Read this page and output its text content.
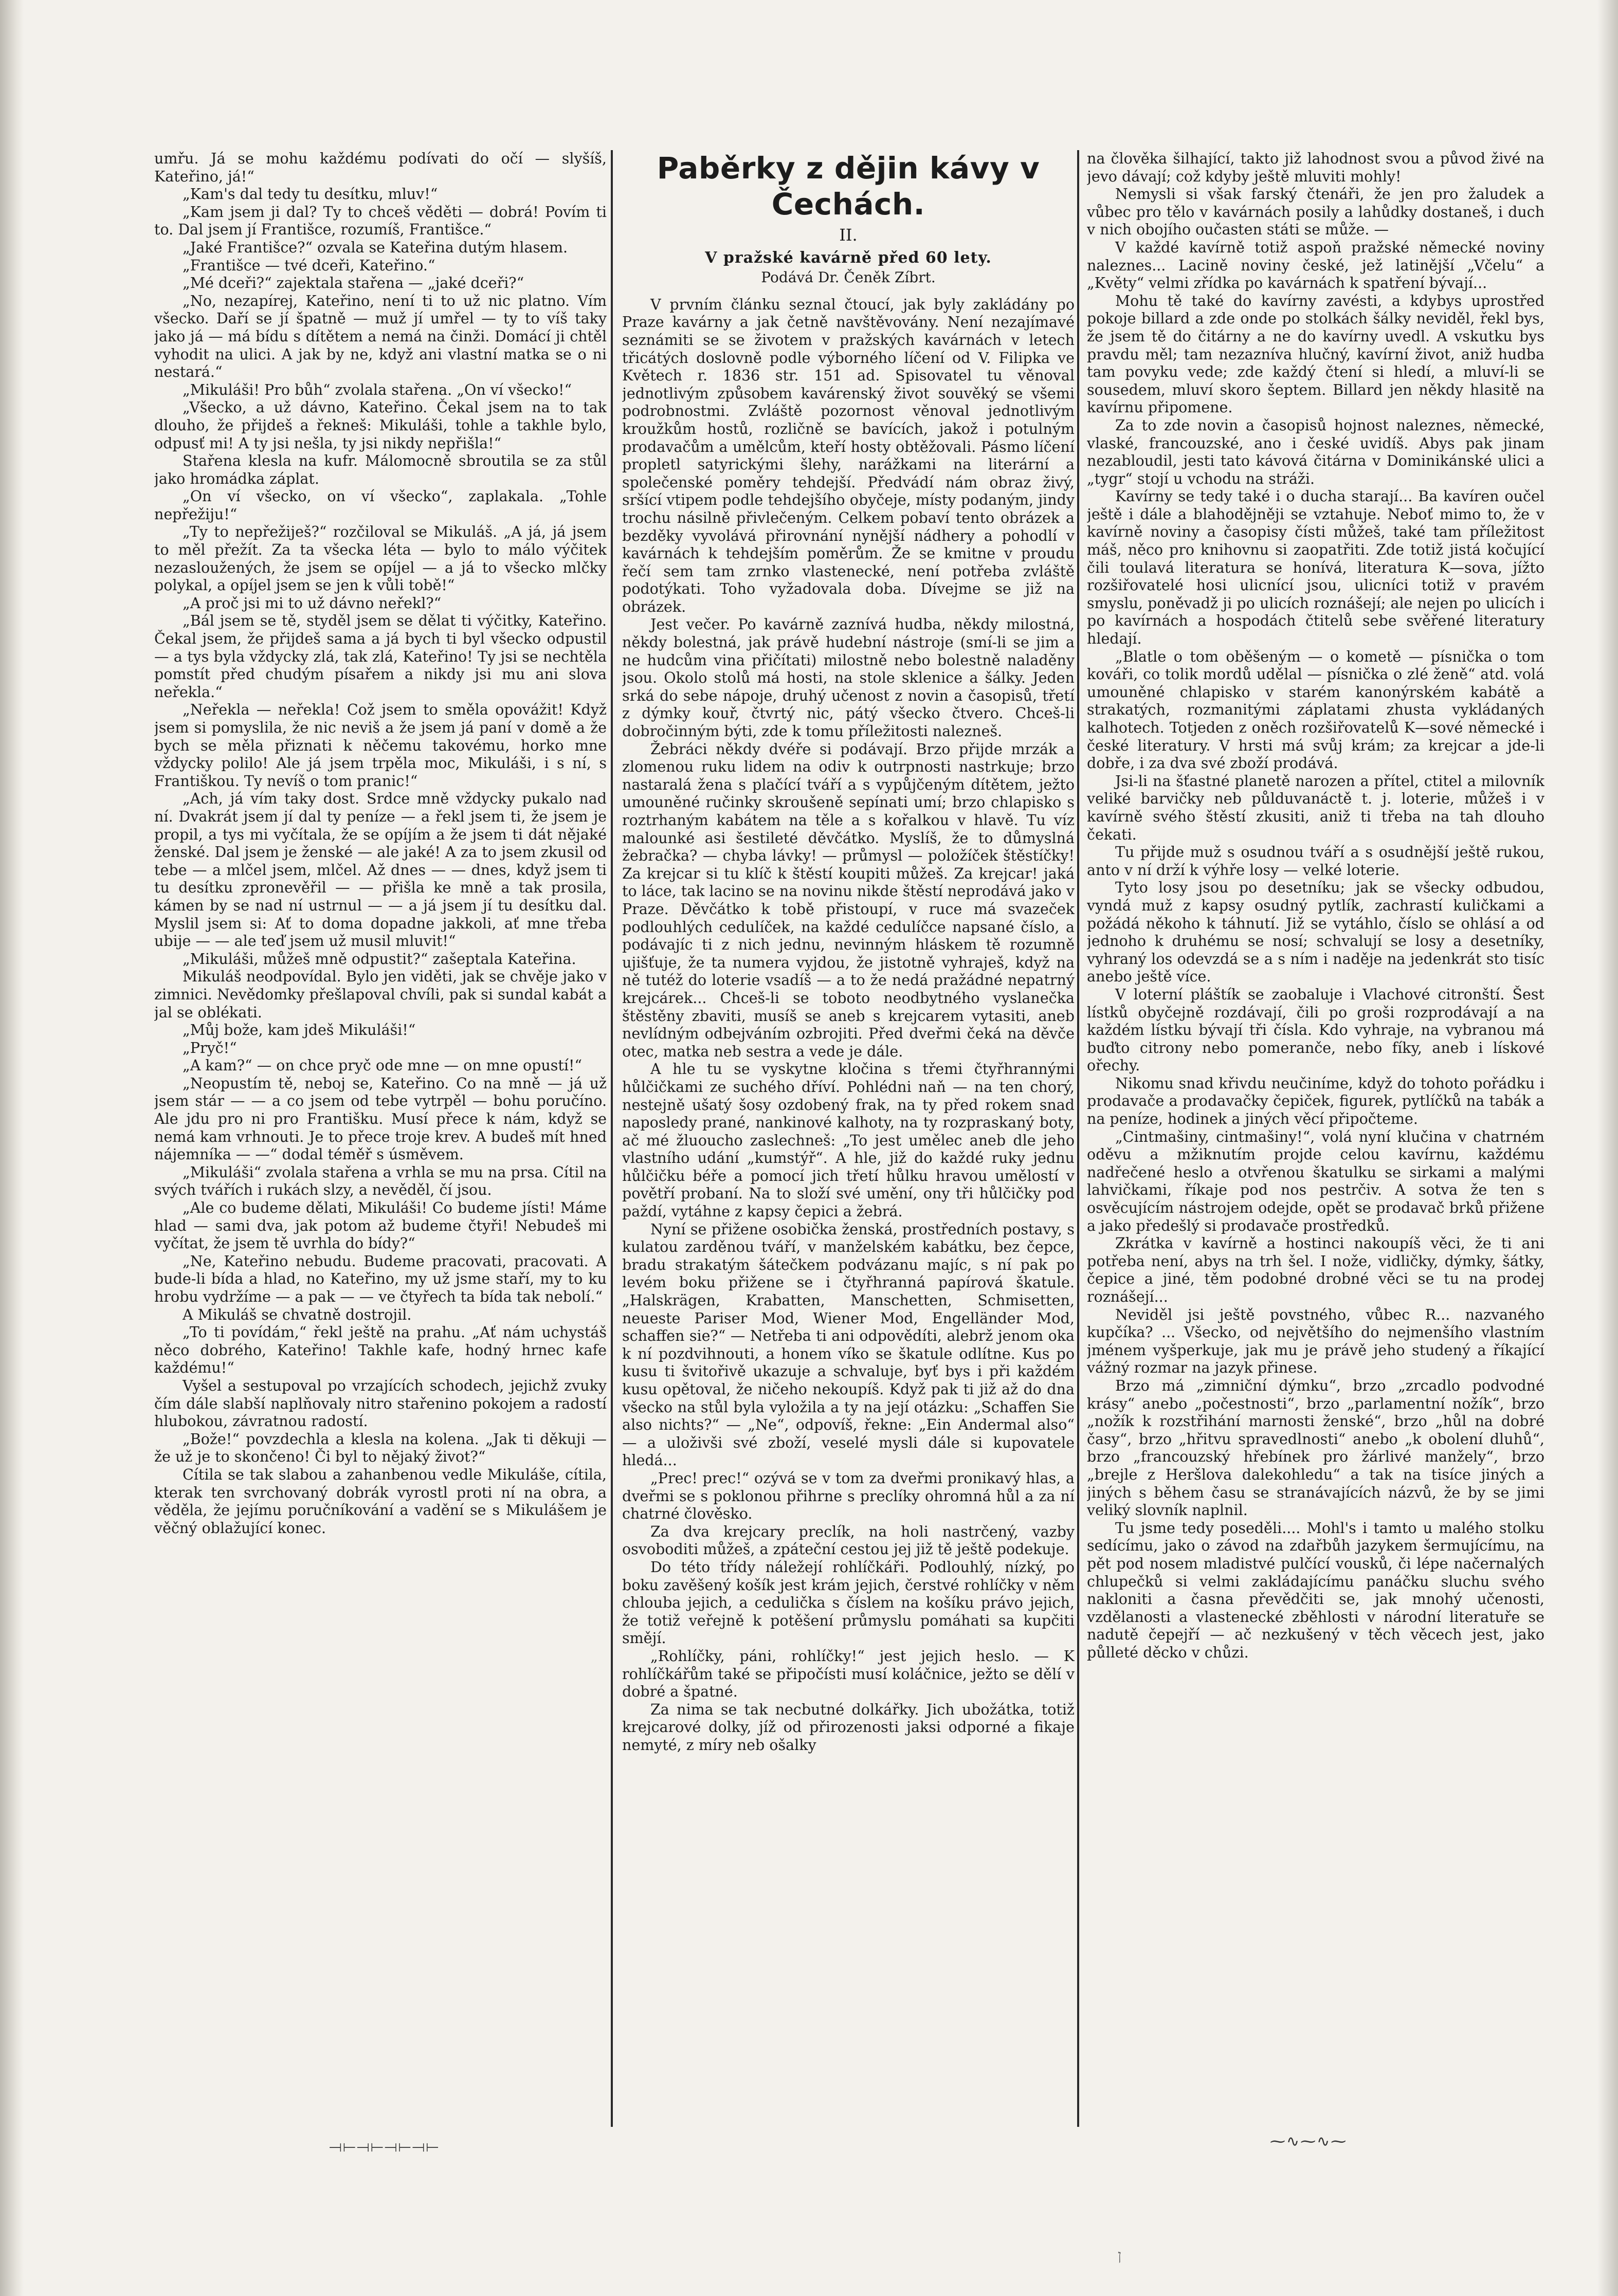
umřu. Já se mohu každému podívati do očí — slyšíš, Kateřino, já!“

„Kam's dal tedy tu desítku, mluv!“

„Kam jsem ji dal? Ty to chceš věděti — dobrá! Povím ti to. Dal jsem jí Františce, rozumíš, Františce.“

„Jaké Františce?“ ozvala se Kateřina dutým hlasem.

„Františce — tvé dceři, Kateřino.“

„Mé dceři?“ zajektala stařena — „jaké dceři?“

„No, nezapírej, Kateřino, není ti to už nic platno. Vím všecko. Daří se jí špatně — muž jí umřel — ty to víš taky jako já — má bídu s dítětem a nemá na činži. Domácí ji chtěl vyhodit na ulici. A jak by ne, když ani vlastní matka se o ni nestará.“

„Mikuláši! Pro bůh“ zvolala stařena. „On ví všecko!“

„Všecko, a už dávno, Kateřino. Čekal jsem na to tak dlouho, že přijdeš a řekneš: Mikuláši, tohle a takhle bylo, odpusť mi! A ty jsi nešla, ty jsi nikdy nepřišla!“

Stařena klesla na kufr. Málomocně sbroutila se za stůl jako hromádka záplat.

„On ví všecko, on ví všecko“, zaplakala. „Tohle nepřežiju!“

„Ty to nepřežiješ?“ rozčiloval se Mikuláš. „A já, já jsem to měl přežít. Za ta všecka léta — bylo to málo výčitek nezasloužených, že jsem se opíjel — a já to všecko mlčky polykal, a opíjel jsem se jen k vůli tobě!“

„A proč jsi mi to už dávno neřekl?“

„Bál jsem se tě, styděl jsem se dělat ti výčitky, Kateřino. Čekal jsem, že přijdeš sama a já bych ti byl všecko odpustil — a tys byla vždycky zlá, tak zlá, Kateřino! Ty jsi se nechtěla pomstít před chudým písařem a nikdy jsi mu ani slova neřekla.“

„Neřekla — neřekla! Což jsem to směla opovážit! Když jsem si pomyslila, že nic neviš a že jsem já paní v domě a že bych se měla přiznati k něčemu takovému, horko mne vždycky polilo! Ale já jsem trpěla moc, Mikuláši, i s ní, s Františkou. Ty nevíš o tom pranic!“

„Ach, já vím taky dost. Srdce mně vždycky pukalo nad ní. Dvakrát jsem jí dal ty peníze — a řekl jsem ti, že jsem je propil, a tys mi vyčítala, že se opíjím a že jsem ti dát nějaké ženské. Dal jsem je ženské — ale jaké! A za to jsem zkusil od tebe — a mlčel jsem, mlčel. Až dnes — — dnes, když jsem ti tu desítku zpronevěřil — — přišla ke mně a tak prosila, kámen by se nad ní ustrnul — — a já jsem jí tu desítku dal. Myslil jsem si: Ať to doma dopadne jakkoli, ať mne třeba ubije — — ale teď jsem už musil mluvit!“

„Mikuláši, můžeš mně odpustit?“ zašeptala Kateřina.

Mikuláš neodpovídal. Bylo jen viděti, jak se chvěje jako v zimnici. Nevědomky přešlapoval chvíli, pak si sundal kabát a jal se oblékati.

„Můj bože, kam jdeš Mikuláši!“

„Pryč!“

„A kam?“ — on chce pryč ode mne — on mne opustí!“

„Neopustím tě, neboj se, Kateřino. Co na mně — já už jsem stár — — a co jsem od tebe vytrpěl — bohu poručíno. Ale jdu pro ni pro Františku. Musí přece k nám, když se nemá kam vrhnouti. Je to přece troje krev. A budeš mít hned nájemníka — —“ dodal téměř s úsměvem.

„Mikuláši“ zvolala stařena a vrhla se mu na prsa. Cítil na svých tvářích i rukách slzy, a nevěděl, čí jsou.

„Ale co budeme dělati, Mikuláši! Co budeme jísti! Máme hlad — sami dva, jak potom až budeme čtyři! Nebudeš mi vyčítat, že jsem tě uvrhla do bídy?“

„Ne, Kateřino nebudu. Budeme pracovati, pracovati. A bude-li bída a hlad, no Kateřino, my už jsme staří, my to ku hrobu vydržíme — a pak — — ve čtyřech ta bída tak nebolí.“

A Mikuláš se chvatně dostrojil.

„To ti povídám,“ řekl ještě na prahu. „Ať nám uchystáš něco dobrého, Kateřino! Takhle kafe, hodný hrnec kafe každému!“

Vyšel a sestupoval po vrzajících schodech, jejichž zvuky čím dále slabší naplňovaly nitro stařenino pokojem a radostí hlubokou, závratnou radostí.

„Bože!“ povzdechla a klesla na kolena. „Jak ti děkuji — že už je to skončeno! Či byl to nějaký život?“

Cítila se tak slabou a zahanbenou vedle Mikuláše, cítila, kterak ten svrchovaný dobrák vyrostl proti ní na obra, a věděla, že jejímu poručníkování a vadění se s Mikulášem je věčný oblažující konec.

Paběrky z dějin kávy v Čechách.
II.
V pražské kavárně před 60 lety.
Podává Dr. Čeněk Zíbrt.

V prvním článku seznal čtoucí, jak byly zakládány po Praze kavárny a jak četně navštěvovány. Není nezajímavé seznámiti se se životem v pražských kavárnách v letech třicátých doslovně podle výborného líčení od V. Filipka ve Květech r. 1836 str. 151 ad. Spisovatel tu věnoval jednotlivým způsobem kavárenský život souvěký se všemi podrobnostmi. Zvláště pozornost věnoval jednotlivým kroužkům hostů, rozličně se bavících, jakož i potulným prodavačům a umělcům, kteří hosty obtěžovali. Pásmo líčení propletl satyrickými šlehy, narážkami na literární a společenské poměry tehdejší. Předvádí nám obraz živý, sršící vtipem podle tehdejšího obyčeje, místy podaným, jindy trochu násilně přivlečeným. Celkem pobaví tento obrázek a bezděky vyvolává přirovnání nynější nádhery a pohodlí v kavárnách k tehdejším poměrům. Že se kmitne v proudu řečí sem tam zrnko vlastenecké, není potřeba zvláště podotýkati. Toho vyžadovala doba. Dívejme se již na obrázek.

Jest večer. Po kavárně zaznívá hudba, někdy milostná, někdy bolestná, jak právě hudební nástroje (smí-li se jim a ne hudcům vina přičítati) milostně nebo bolestně naladěny jsou. Okolo stolů má hosti, na stole sklenice a šálky. Jeden srká do sebe nápoje, druhý učenost z novin a časopisů, třetí z dýmky kouř, čtvrtý nic, pátý všecko čtvero. Chceš-li dobročinným býti, zde k tomu příležitosti nalezneš.

Žebráci někdy dvéře si podávají. Brzo přijde mrzák a zlomenou ruku lidem na odiv k outrpnosti nastrkuje; brzo nastaralá žena s plačící tváří a s vypůjčeným dítětem, ježto umouněné ručinky skroušeně sepínati umí; brzo chlapisko s roztrhaným kabátem na těle a s kořalkou v hlavě. Tu víz malounké asi šestileté děvčátko. Myslíš, že to důmyslná žebračka? — chyba lávky! — průmysl — položíček štěstíčky! Za krejcar si tu klíč k štěstí koupiti můžeš. Za krejcar! jaká to láce, tak lacino se na novinu nikde štěstí neprodává jako v Praze. Děvčátko k tobě přistoupí, v ruce má svazeček podlouhlých cedulíček, na každé cedulíčce napsané číslo, a podávajíc ti z nich jednu, nevinným hláskem tě rozumně ujišťuje, že ta numera vyjdou, že jistotně vyhraješ, když na ně tutéž do loterie vsadíš — a to že nedá pražádné nepatrný krejcárek... Chceš-li se toboto neodbytného vyslanečka štěstěny zbaviti, musíš se aneb s krejcarem vytasiti, aneb nevlídným odbejváním ozbrojiti. Před dveřmi čeká na děvče otec, matka neb sestra a vede je dále.

A hle tu se vyskytne kločina s třemi čtyřhrannými hůlčičkami ze suchého dříví. Pohlédni naň — na ten chorý, nestejně ušatý šosy ozdobený frak, na ty před rokem snad naposledy prané, nankinové kalhoty, na ty rozpraskaný boty, ač mé žluoucho zaslechneš: „To jest umělec aneb dle jeho vlastního udání „kumstýř“. A hle, již do každé ruky jednu hůlčičku béře a pomocí jich třetí hůlku hravou umělostí v povětří probaní. Na to složí své umění, ony tři hůlčičky pod paždí, vytáhne z kapsy čepici a žebrá.

Nyní se přižene osobička ženská, prostředních postavy, s kulatou zarděnou tváří, v manželském kabátku, bez čepce, bradu strakatým šátečkem podvázanu majíc, s ní pak po levém boku přižene se i čtyřhranná papírová škatule. „Halskrägen, Krabatten, Manschetten, Schmisetten, neueste Pariser Mod, Wiener Mod, Engelländer Mod, schaffen sie?“ — Netřeba ti ani odpovědíti, alebrž jenom oka k ní pozdvihnouti, a honem víko se škatule odlítne. Kus po kusu ti švitořivě ukazuje a schvaluje, byť bys i při každém kusu opětoval, že ničeho nekoupíš. Když pak ti již až do dna všecko na stůl byla vyložila a ty na její otázku: „Schaffen Sie also nichts?“ — „Ne“, odpovíš, řekne: „Ein Andermal also“ — a uloživši své zboží, veselé mysli dále si kupovatele hledá...

„Prec! prec!“ ozývá se v tom za dveřmi pronikavý hlas, a dveřmi se s poklonou přihrne s preclíky ohromná hůl a za ní chatrné člověsko.

Za dva krejcary preclík, na holi nastrčený, vazby osvoboditi můžeš, a zpáteční cestou jej již tě ještě podekuje.

Do této třídy náležejí rohlíčkáři. Podlouhlý, nízký, po boku zavěšený košík jest krám jejich, čerstvé rohlíčky v něm chlouba jejich, a cedulička s číslem na košíku právo jejich, že totiž veřejně k potěšení průmyslu pomáhati sa kupčiti smějí.

„Rohlíčky, páni, rohlíčky!“ jest jejich heslo. — K rohlíčkářům také se připočísti musí koláčnice, ježto se dělí v dobré a špatné.

Za nima se tak necbutné dolkářky. Jich ubožátka, totiž krejcarové dolky, jíž od přirozenosti jaksi odporné a fikaje nemyté, z míry neb ošalky

na člověka šilhající, takto již lahodnost svou a původ živé na jevo dávají; což kdyby ještě mluviti mohly!

Nemysli si však farský čtenáři, že jen pro žaludek a vůbec pro tělo v kavárnách posily a lahůdky dostaneš, i duch v nich obojího oučasten státi se může. —

V každé kavírně totiž aspoň pražské německé noviny naleznes... Lacině noviny české, jež latinější „Včelu“ a „Květy“ velmi zřídka po kavárnách k spatření bývají...

Mohu tě také do kavírny zavésti, a kdybys uprostřed pokoje billard a zde onde po stolkách šálky neviděl, řekl bys, že jsem tě do čitárny a ne do kavírny uvedl. A vskutku bys pravdu měl; tam nezazníva hlučný, kavírní život, aniž hudba tam povyku vede; zde každý čtení si hledí, a mluví-li se sousedem, mluví skoro šeptem. Billard jen někdy hlasitě na kavírnu připomene.

Za to zde novin a časopisů hojnost naleznes, německé, vlaské, francouzské, ano i české uvidíš. Abys pak jinam nezabloudil, jesti tato kávová čitárna v Dominikánské ulici a „tygr“ stojí u vchodu na stráži.

Kavírny se tedy také i o ducha starají... Ba kavíren oučel ještě i dále a blahodějněji se vztahuje. Neboť mimo to, že v kavírně noviny a časopisy čísti můžeš, také tam příležitost máš, něco pro knihovnu si zaopatřiti. Zde totiž jistá kočující čili toulavá literatura se honívá, literatura K—sova, jížto rozšiřovatelé hosi ulicnící jsou, ulicníci totiž v pravém smyslu, poněvadž ji po ulicích roznášejí; ale nejen po ulicích i po kavírnách a hospodách čtitelů sebe svěřené literatury hledají.

„Blatle o tom oběšeným — o kometě — písnička o tom kováři, co tolik mordů udělal — písnička o zlé ženě“ atd. volá umouněné chlapisko v starém kanonýrském kabátě a strakatých, rozmanitými záplatami zhusta vykládaných kalhotech. Totjeden z oněch rozšiřovatelů K—sové německé i české literatury. V hrsti má svůj krám; za krejcar a jde-li dobře, i za dva své zboží prodává.

Jsi-li na šťastné planetě narozen a přítel, ctitel a milovník veliké barvičky neb půlduvanáctě t. j. loterie, můžeš i v kavírně svého štěstí zkusiti, aniž ti třeba na tah dlouho čekati.

Tu přijde muž s osudnou tváří a s osudnější ještě rukou, anto v ní drží k výhře losy — velké loterie.

Tyto losy jsou po desetníku; jak se všecky odbudou, vyndá muž z kapsy osudný pytlík, zachrastí kuličkami a požádá někoho k táhnutí. Již se vytáhlo, číslo se ohlásí a od jednoho k druhému se nosí; schvalují se losy a desetníky, vyhraný los odevzdá se a s ním i naděje na jedenkrát sto tisíc anebo ještě více.

V loterní pláštík se zaobaluje i Vlachové citronští. Šest lístků obyčejně rozdávají, čili po groši rozprodávají a na každém lístku bývají tři čísla. Kdo vyhraje, na vybranou má buďto citrony nebo pomeranče, nebo fíky, aneb i lískové ořechy.

Nikomu snad křivdu neučiníme, když do tohoto pořádku i prodavače a prodavačky čepiček, figurek, pytlíčků na tabák a na peníze, hodinek a jiných věcí připočteme.

„Cintmašiny, cintmašiny!“, volá nyní klučina v chatrném oděvu a mžiknutím projde celou kavírnu, každému nadřečené heslo a otvřenou škatulku se sirkami a malými lahvičkami, říkaje pod nos pestrčiv. A sotva že ten s osvěcujícím nástrojem odejde, opět se prodavač brků přižene a jako předešlý si prodavače prostředků.

Zkrátka v kavírně a hostinci nakoupíš věci, že ti ani potřeba není, abys na trh šel. I nože, vidličky, dýmky, šátky, čepice a jiné, těm podobné drobné věci se tu na prodej roznášejí...

Neviděl jsi ještě povstného, vůbec R... nazvaného kupčíka? ... Všecko, od největšího do nejmenšího vlastním jménem vyšperkuje, jak mu je právě jeho studený a říkající vážný rozmar na jazyk přinese.

Brzo má „zimniční dýmku“, brzo „zrcadlo podvodné krásy“ anebo „počestnosti“, brzo „parlamentní nožík“, brzo „nožík k rozstřihání marnosti ženské“, brzo „hůl na dobré časy“, brzo „hřitvu spravedlnosti“ anebo „k obolení dluhů“, brzo „francouzský hřebínek pro žárlivé manžely“, brzo „brejle z Heršlova dalekohledu“ a tak na tisíce jiných a jiných s během času se stranávajících názvů, že by se jimi veliký slovník naplnil.

Tu jsme tedy poseděli.... Mohl's i tamto u malého stolku sedícímu, jako o závod na zdařbůh jazykem šermujícímu, na pět pod nosem mladistvé pulčící vousků, či lépe načernalých chlupečků si velmi zakládajícímu panáčku sluchu svého nakloniti a časna převědčiti se, jak mnohý učenosti, vzdělanosti a vlastenecké zběhlosti v národní literatuře se nadutě čepejří — ač nezkušený v těch věcech jest, jako půlleté děcko v chůzi.

⟞⟝⟞⟝⟞⟝⟞⟝	⁓∿⁓∿⁓
ן
